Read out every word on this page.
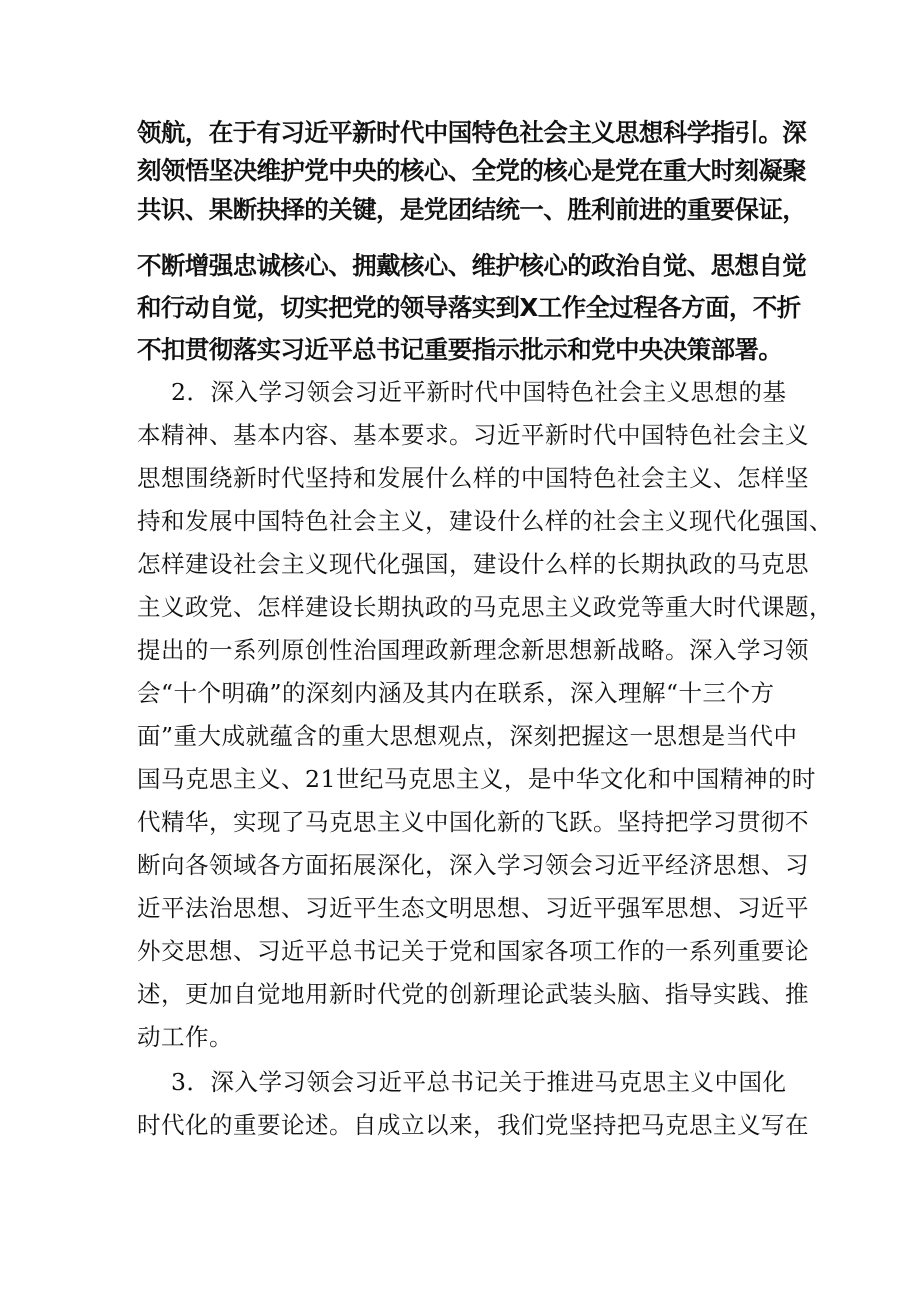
领航，在于有习近平新时代中国特色社会主义思想科学指引。深
刻领悟坚决维护党中央的核心、全党的核心是党在重大时刻凝聚
共识、果断抉择的关键，是党团结统一、胜利前进的重要保证，
不断增强忠诚核心、拥戴核心、维护核心的政治自觉、思想自觉
和行动自觉，切实把党的领导落实到X工作全过程各方面，不折
不扣贯彻落实习近平总书记重要指示批示和党中央决策部署。
2．深入学习领会习近平新时代中国特色社会主义思想的基
本精神、基本内容、基本要求。习近平新时代中国特色社会主义
思想围绕新时代坚持和发展什么样的中国特色社会主义、怎样坚
持和发展中国特色社会主义，建设什么样的社会主义现代化强国、
怎样建设社会主义现代化强国，建设什么样的长期执政的马克思
主义政党、怎样建设长期执政的马克思主义政党等重大时代课题，
提出的一系列原创性治国理政新理念新思想新战略。深入学习领
会“十个明确”的深刻内涵及其内在联系，深入理解“十三个方
面”重大成就蕴含的重大思想观点，深刻把握这一思想是当代中
国马克思主义、21世纪马克思主义，是中华文化和中国精神的时
代精华，实现了马克思主义中国化新的飞跃。坚持把学习贯彻不
断向各领域各方面拓展深化，深入学习领会习近平经济思想、习
近平法治思想、习近平生态文明思想、习近平强军思想、习近平
外交思想、习近平总书记关于党和国家各项工作的一系列重要论
述，更加自觉地用新时代党的创新理论武装头脑、指导实践、推
动工作。
3．深入学习领会习近平总书记关于推进马克思主义中国化
时代化的重要论述。自成立以来，我们党坚持把马克思主义写在
